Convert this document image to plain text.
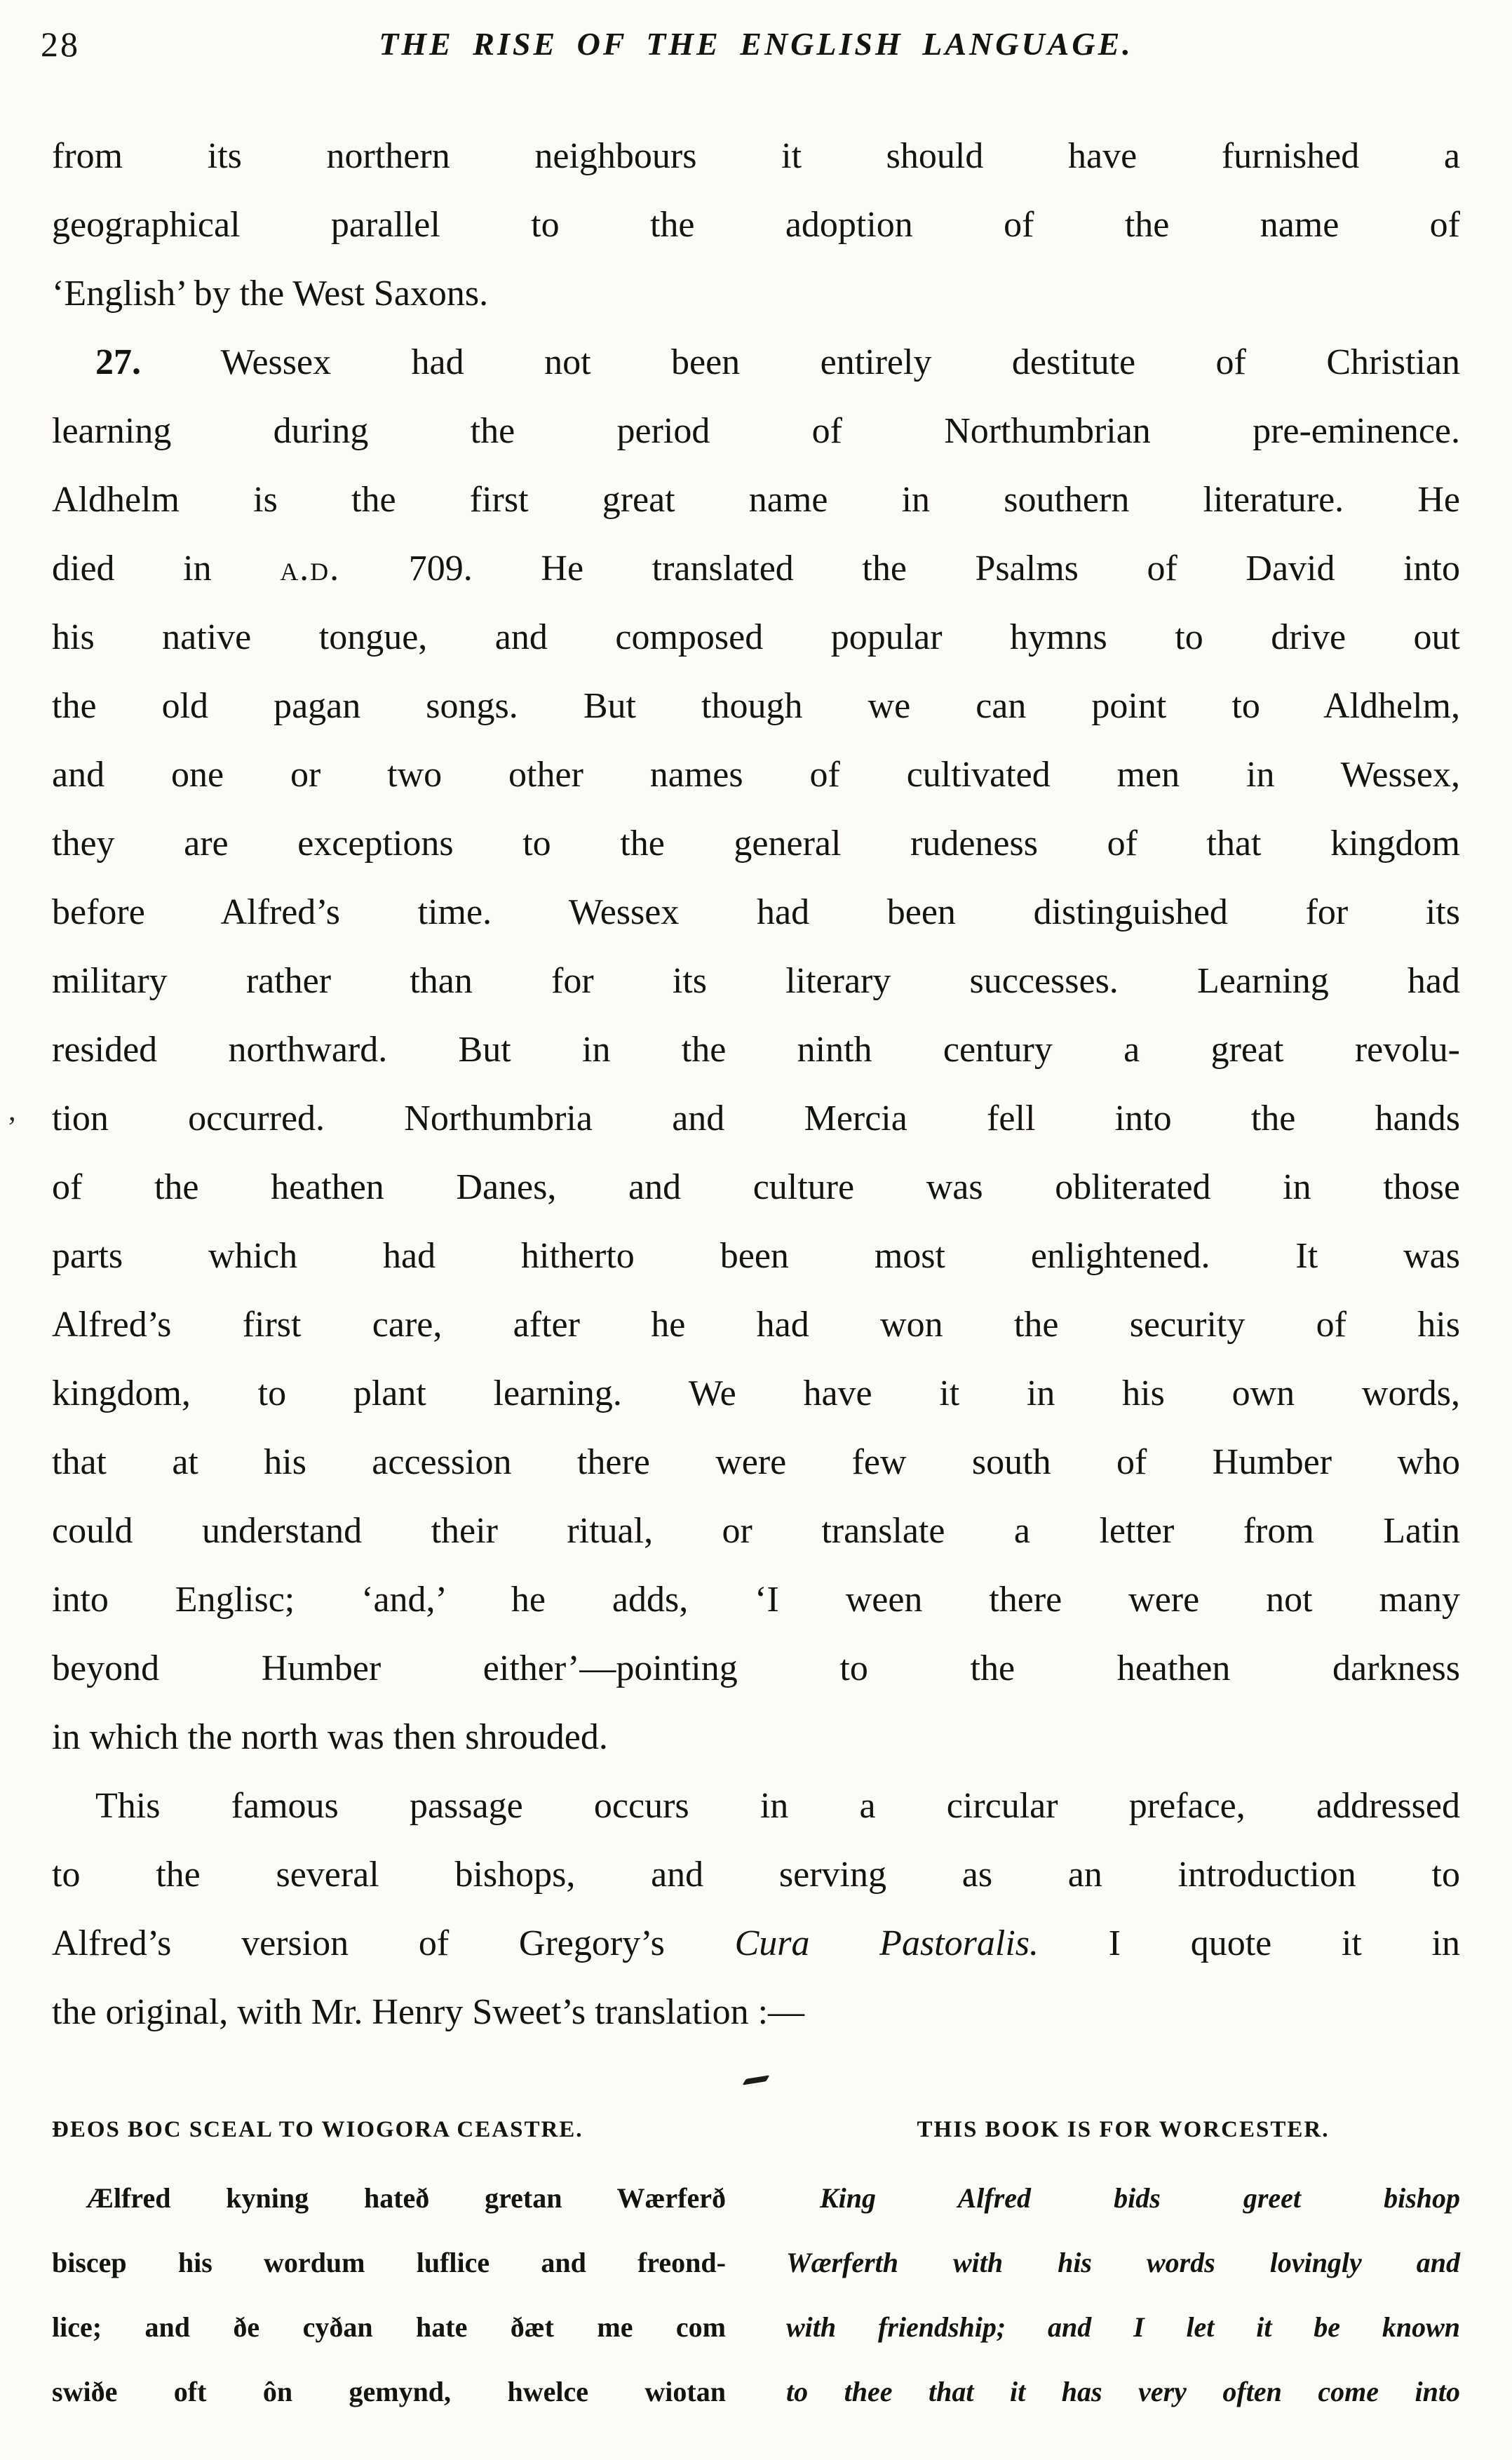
28	THE RISE OF THE ENGLISH LANGUAGE.
from its northern neighbours it should have furnished a
geographical parallel to the adoption of the name of
‘English’ by the West Saxons.
27. Wessex had not been entirely destitute of Christian
learning during the period of Northumbrian pre-eminence.
Aldhelm is the first great name in southern literature. He
died in a.d. 709. He translated the Psalms of David into
his native tongue, and composed popular hymns to drive out
the old pagan songs. But though we can point to Aldhelm,
and one or two other names of cultivated men in Wessex,
they are exceptions to the general rudeness of that kingdom
before Alfred’s time. Wessex had been distinguished for its
military rather than for its literary successes. Learning had
resided northward. But in the ninth century a great revolu-
tion occurred. Northumbria and Mercia fell into the hands
of the heathen Danes, and culture was obliterated in those
parts which had hitherto been most enlightened. It was
Alfred’s first care, after he had won the security of his
kingdom, to plant learning. We have it in his own words,
that at his accession there were few south of Humber who
could understand their ritual, or translate a letter from Latin
into Englisc; ‘and,’ he adds, ‘I ween there were not many
beyond Humber either’—pointing to the heathen darkness
in which the north was then shrouded.
This famous passage occurs in a circular preface, addressed
to the several bishops, and serving as an introduction to
Alfred’s version of Gregory’s Cura Pastoralis. I quote it in
the original, with Mr. Henry Sweet’s translation :—
ÐEOS BOC SCEAL TO WIOGORA CEASTRE.
Ælfred kyning hateð gretan Wærferð
biscep his wordum luflice and freond-
lice; and ðe cyðan hate ðæt me com
swiðe oft ôn gemynd, hwelce wiotan
THIS BOOK IS FOR WORCESTER.
King Alfred bids greet bishop
Wærferth with his words lovingly and
with friendship; and I let it be known
to thee that it has very often come into
‚
